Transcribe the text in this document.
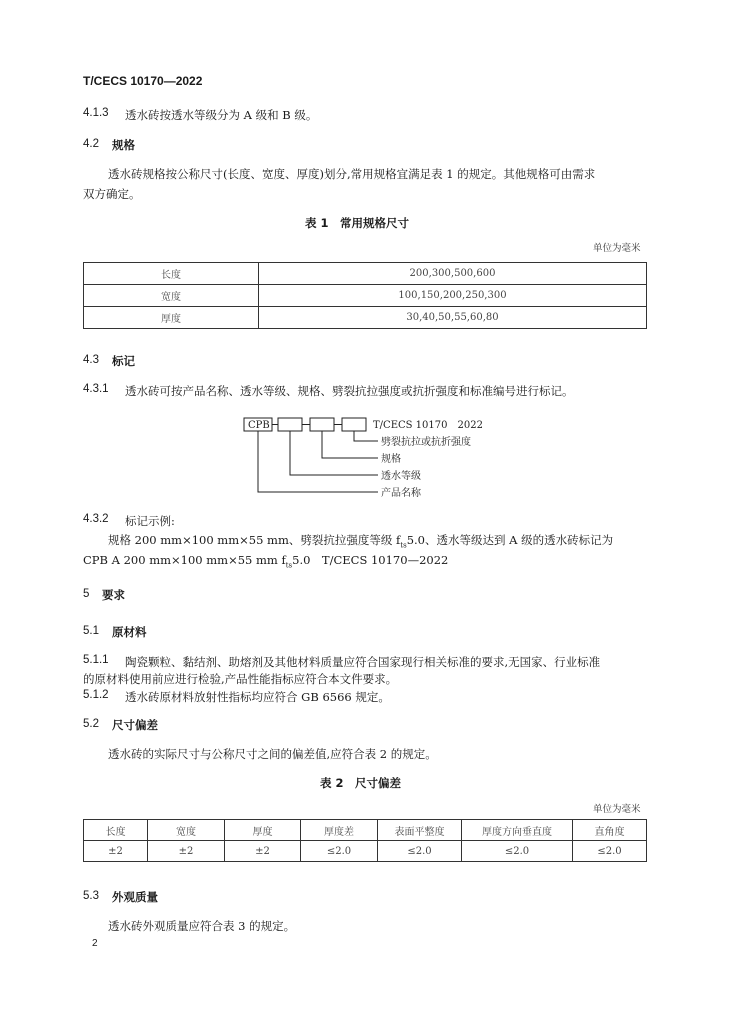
T/CECS 10170—2022
4.1.3 透水砖按透水等级分为 A 级和 B 级。
4.2 规格
透水砖规格按公称尺寸(长度、宽度、厚度)划分,常用规格宜满足表 1 的规定。其他规格可由需求
双方确定。
表 1　常用规格尺寸
单位为毫米
长度	200,300,500,600
宽度	100,150,200,250,300
厚度	30,40,50,55,60,80
4.3 标记
4.3.1 透水砖可按产品名称、透水等级、规格、劈裂抗拉强度或抗折强度和标准编号进行标记。
CPB	T/CECS 10170　2022
劈裂抗拉或抗折强度
规格
透水等级
产品名称
4.3.2 标记示例:
规格 200 mm×100 mm×55 mm、劈裂抗拉强度等级 $f_{ts}5.0$、透水等级达到 A 级的透水砖标记为
CPB A 200 mm×100 mm×55 mm $f_{ts}5.0$　T/CECS 10170—2022
5 要求
5.1 原材料
5.1.1 陶瓷颗粒、黏结剂、助熔剂及其他材料质量应符合国家现行相关标准的要求,无国家、行业标准
的原材料使用前应进行检验,产品性能指标应符合本文件要求。
5.1.2 透水砖原材料放射性指标均应符合 GB 6566 规定。
5.2 尺寸偏差
透水砖的实际尺寸与公称尺寸之间的偏差值,应符合表 2 的规定。
表 2　尺寸偏差
单位为毫米
长度	宽度	厚度	厚度差	表面平整度	厚度方向垂直度	直角度
±2	±2	±2	≤2.0	≤2.0	≤2.0	≤2.0
5.3 外观质量
透水砖外观质量应符合表 3 的规定。
2
